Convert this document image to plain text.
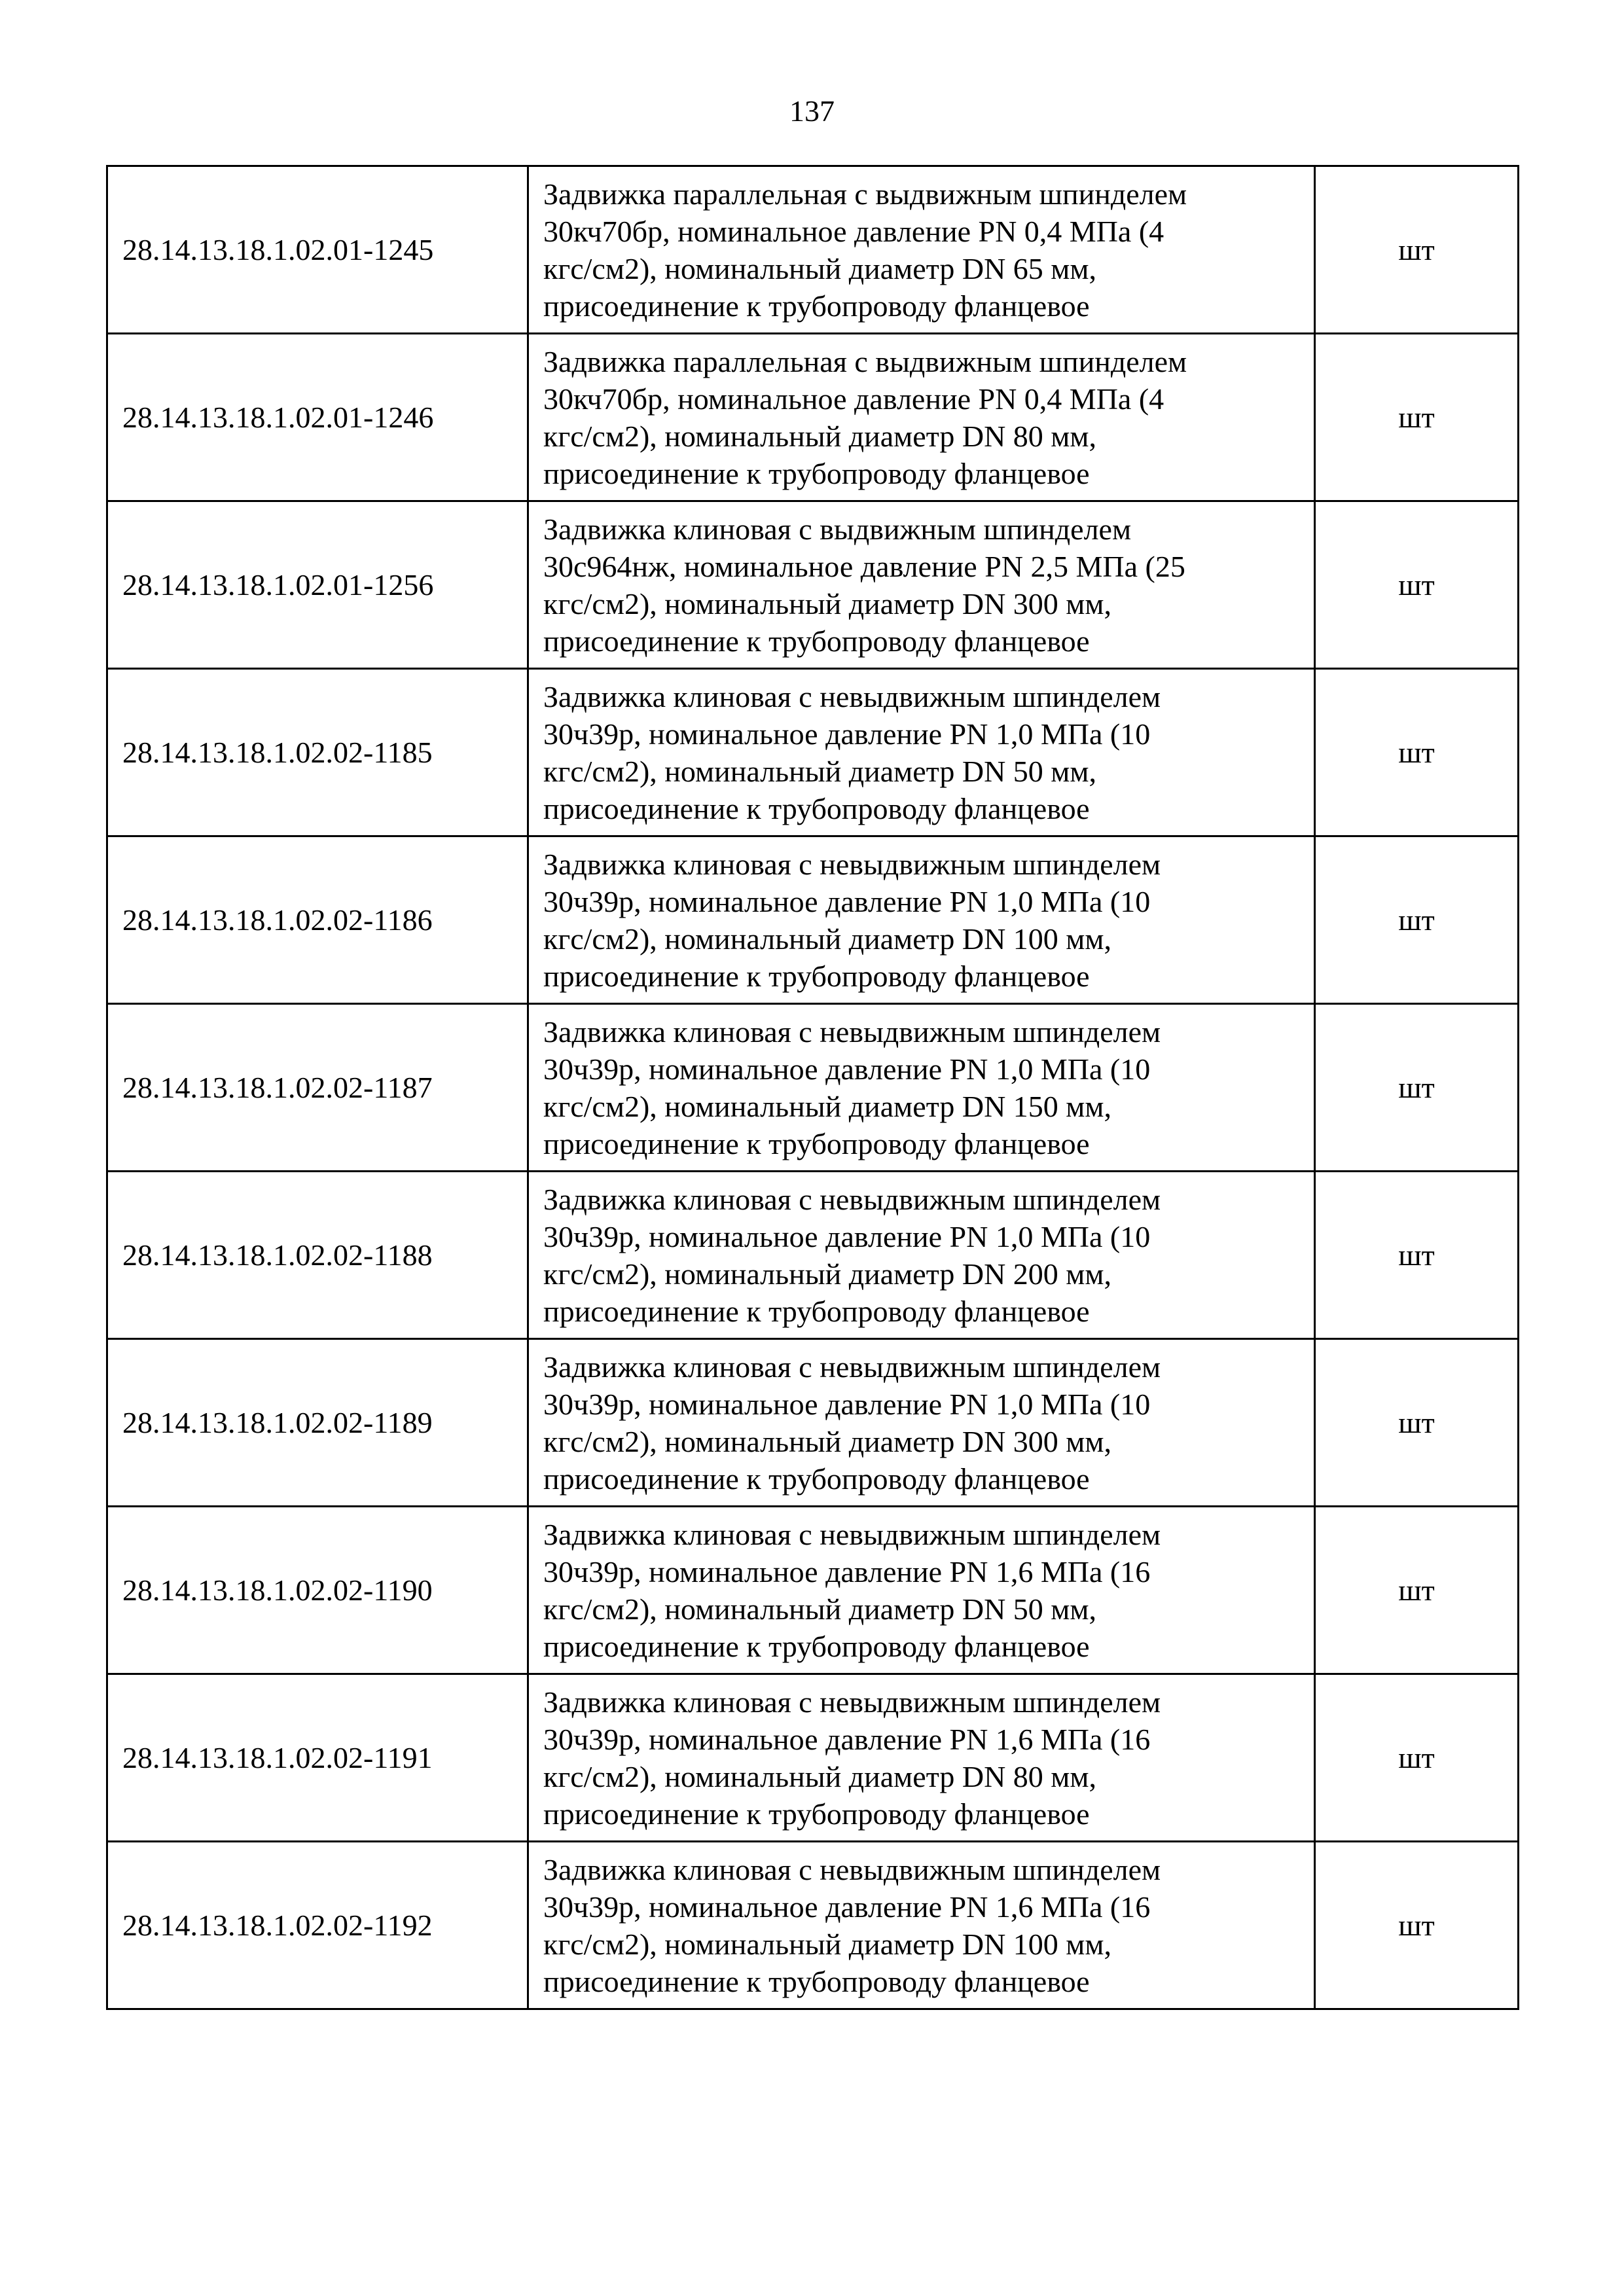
137
28.14.13.18.1.02.01-1245	Задвижка параллельная с выдвижным шпинделем
30кч70бр, номинальное давление PN 0,4 МПа (4
кгс/см2), номинальный диаметр DN 65 мм,
присоединение к трубопроводу фланцевое	шт
28.14.13.18.1.02.01-1246	Задвижка параллельная с выдвижным шпинделем
30кч70бр, номинальное давление PN 0,4 МПа (4
кгс/см2), номинальный диаметр DN 80 мм,
присоединение к трубопроводу фланцевое	шт
28.14.13.18.1.02.01-1256	Задвижка клиновая с выдвижным шпинделем
30с964нж, номинальное давление PN 2,5 МПа (25
кгс/см2), номинальный диаметр DN 300 мм,
присоединение к трубопроводу фланцевое	шт
28.14.13.18.1.02.02-1185	Задвижка клиновая с невыдвижным шпинделем
30ч39р, номинальное давление PN 1,0 МПа (10
кгс/см2), номинальный диаметр DN 50 мм,
присоединение к трубопроводу фланцевое	шт
28.14.13.18.1.02.02-1186	Задвижка клиновая с невыдвижным шпинделем
30ч39р, номинальное давление PN 1,0 МПа (10
кгс/см2), номинальный диаметр DN 100 мм,
присоединение к трубопроводу фланцевое	шт
28.14.13.18.1.02.02-1187	Задвижка клиновая с невыдвижным шпинделем
30ч39р, номинальное давление PN 1,0 МПа (10
кгс/см2), номинальный диаметр DN 150 мм,
присоединение к трубопроводу фланцевое	шт
28.14.13.18.1.02.02-1188	Задвижка клиновая с невыдвижным шпинделем
30ч39р, номинальное давление PN 1,0 МПа (10
кгс/см2), номинальный диаметр DN 200 мм,
присоединение к трубопроводу фланцевое	шт
28.14.13.18.1.02.02-1189	Задвижка клиновая с невыдвижным шпинделем
30ч39р, номинальное давление PN 1,0 МПа (10
кгс/см2), номинальный диаметр DN 300 мм,
присоединение к трубопроводу фланцевое	шт
28.14.13.18.1.02.02-1190	Задвижка клиновая с невыдвижным шпинделем
30ч39р, номинальное давление PN 1,6 МПа (16
кгс/см2), номинальный диаметр DN 50 мм,
присоединение к трубопроводу фланцевое	шт
28.14.13.18.1.02.02-1191	Задвижка клиновая с невыдвижным шпинделем
30ч39р, номинальное давление PN 1,6 МПа (16
кгс/см2), номинальный диаметр DN 80 мм,
присоединение к трубопроводу фланцевое	шт
28.14.13.18.1.02.02-1192	Задвижка клиновая с невыдвижным шпинделем
30ч39р, номинальное давление PN 1,6 МПа (16
кгс/см2), номинальный диаметр DN 100 мм,
присоединение к трубопроводу фланцевое	шт
